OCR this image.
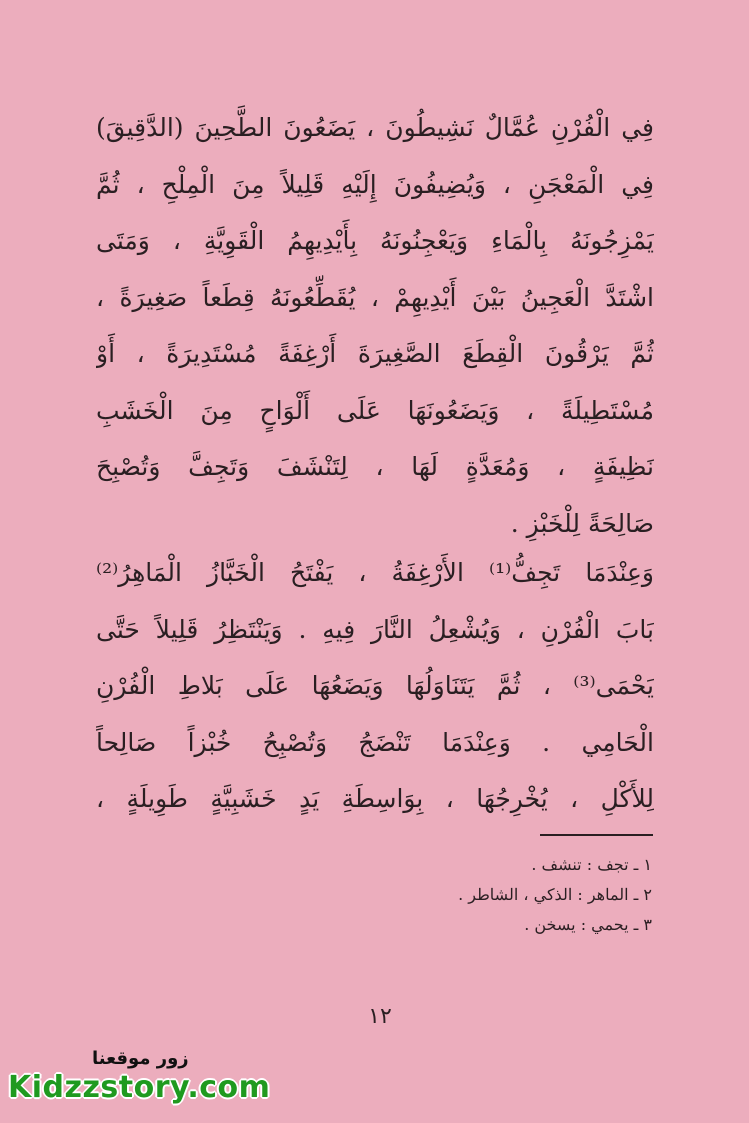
فِي الْفُرْنِ عُمَّالٌ نَشِيطُونَ ، يَضَعُونَ الطَّحِينَ (الدَّقِيقَ)
فِي الْمَعْجَنِ ، وَيُضِيفُونَ إِلَيْهِ قَلِيلاً مِنَ الْمِلْحِ ، ثُمَّ
يَمْزِجُونَهُ بِالْمَاءِ وَيَعْجِنُونَهُ بِأَيْدِيهِمُ الْقَوِيَّةِ ، وَمَتَى
اشْتَدَّ الْعَجِينُ بَيْنَ أَيْدِيهِمْ ، يُقَطِّعُونَهُ قِطَعاً صَغِيرَةً ،
ثُمَّ يَرْقُونَ الْقِطَعَ الصَّغِيرَةَ أَرْغِفَةً مُسْتَدِيرَةً ، أَوْ
مُسْتَطِيلَةً ، وَيَضَعُونَهَا عَلَى أَلْوَاحٍ مِنَ الْخَشَبِ
نَظِيفَةٍ ، وَمُعَدَّةٍ لَهَا ، لِتَنْشَفَ وَتَجِفَّ وَتُصْبِحَ
صَالِحَةً لِلْخَبْزِ .
وَعِنْدَمَا تَجِفُّ⁽¹⁾ الأَرْغِفَةُ ، يَفْتَحُ الْخَبَّازُ الْمَاهِرُ⁽²⁾
بَابَ الْفُرْنِ ، وَيُشْعِلُ النَّارَ فِيهِ . وَيَنْتَظِرُ قَلِيلاً حَتَّى
يَحْمَى⁽³⁾ ، ثُمَّ يَتَنَاوَلُهَا وَيَضَعُهَا عَلَى بَلاطِ الْفُرْنِ
الْحَامِي . وَعِنْدَمَا تَنْضَجُ وَتُصْبِحُ خُبْزاً صَالِحاً
لِلأَكْلِ ، يُخْرِجُهَا ، بِوَاسِطَةِ يَدٍ خَشَبِيَّةٍ طَوِيلَةٍ ،
١ ـ تجف : تنشف .
٢ ـ الماهر : الذكي ، الشاطر .
٣ ـ يحمي : يسخن .
١٢
زور موقعنا
Kidzzstory.com
